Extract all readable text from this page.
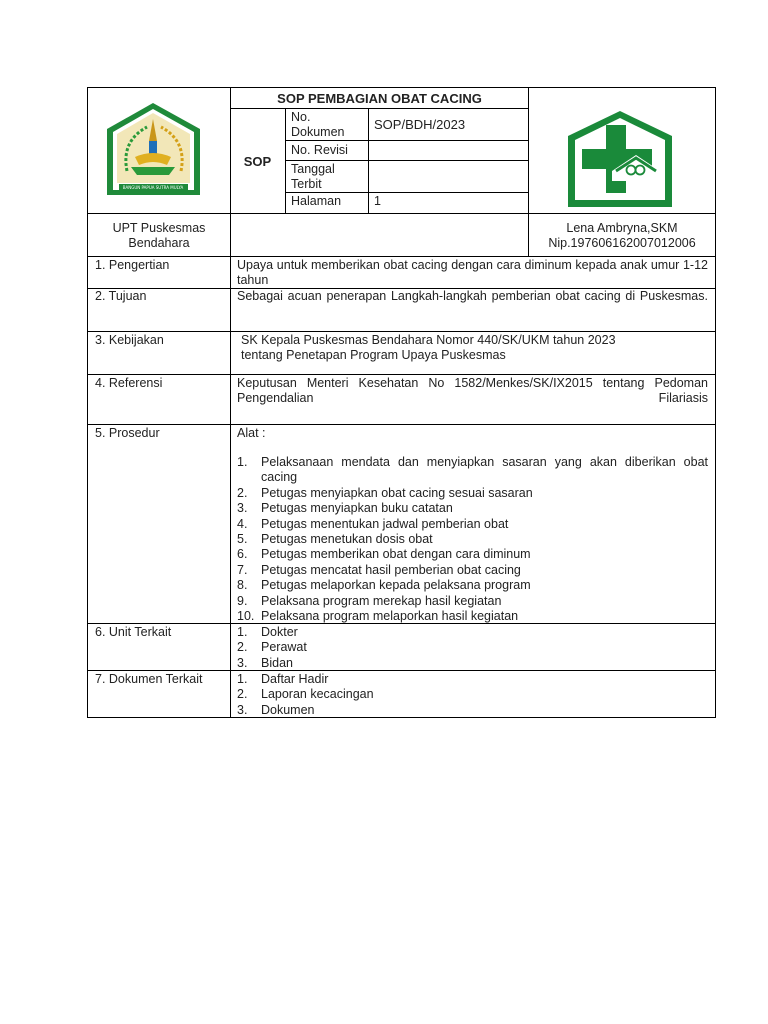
BANGUN PAPUA SUTRA MULYA
SOP PEMBAGIAN OBAT CACING
SOP
No. Dokumen	SOP/BDH/2023
No. Revisi
Tanggal Terbit
Halaman	1
UPT Puskesmas Bendahara
Lena Ambryna,SKM
Nip.197606162007012006
1. Pengertian	Upaya untuk memberikan obat cacing dengan cara diminum kepada anak umur 1-12 tahun
2. Tujuan	Sebagai acuan penerapan Langkah-langkah pemberian obat cacing di Puskesmas.
3. Kebijakan	SK Kepala Puskesmas Bendahara Nomor 440/SK/UKM tahun 2023
tentang Penetapan Program Upaya Puskesmas
4. Referensi	Keputusan Menteri Kesehatan No 1582/Menkes/SK/IX2015 tentang Pedoman Pengendalian Filariasis
5. Prosedur	Alat :
1. Pelaksanaan mendata dan menyiapkan sasaran yang akan diberikan obat cacing
2. Petugas menyiapkan obat cacing sesuai sasaran
3. Petugas menyiapkan buku catatan
4. Petugas menentukan jadwal pemberian obat
5. Petugas menetukan dosis obat
6. Petugas memberikan obat dengan cara diminum
7. Petugas mencatat hasil pemberian obat cacing
8. Petugas melaporkan kepada pelaksana program
9. Pelaksana program merekap hasil kegiatan
10. Pelaksana program melaporkan hasil kegiatan
6. Unit Terkait	1. Dokter
2. Perawat
3. Bidan
7. Dokumen Terkait	1. Daftar Hadir
2. Laporan kecacingan
3. Dokumen
